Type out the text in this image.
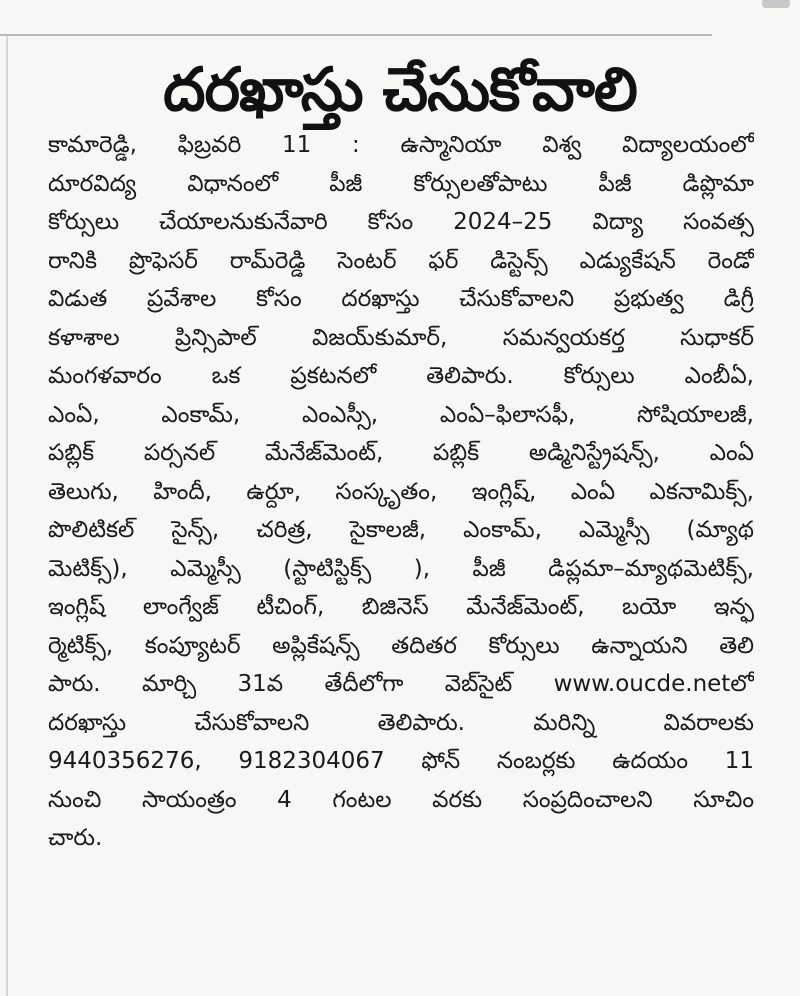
దరఖాస్తు చేసుకోవాలి
కామారెడ్డి, ఫిబ్రవరి 11 : ఉస్మానియా విశ్వ విద్యాలయంలో
దూరవిద్య విధానంలో పీజీ కోర్సులతోపాటు పీజీ డిప్లొమా
కోర్సులు చేయాలనుకునేవారి కోసం 2024–25 విద్యా సంవత్స
రానికి ప్రొఫెసర్ రామ్‌రెడ్డి సెంటర్ ఫర్ డిస్టెన్స్ ఎడ్యుకేషన్ రెండో
విడుత ప్రవేశాల కోసం దరఖాస్తు చేసుకోవాలని ప్రభుత్వ డిగ్రీ
కళాశాల ప్రిన్సిపాల్ విజయ్‌కుమార్, సమన్వయకర్త సుధాకర్
మంగళవారం ఒక ప్రకటనలో తెలిపారు. కోర్సులు ఎంబీఏ,
ఎంఏ, ఎంకామ్, ఎంఎస్సీ, ఎంఏ–ఫిలాసఫీ, సోషియాలజీ,
పబ్లిక్ పర్సనల్ మేనేజ్‌మెంట్, పబ్లిక్ అడ్మినిస్ట్రేషన్స్, ఎంఏ
తెలుగు, హిందీ, ఉర్దూ, సంస్కృతం, ఇంగ్లిష్, ఎంఏ ఎకనామిక్స్,
పొలిటికల్ సైన్స్, చరిత్ర, సైకాలజీ, ఎంకామ్, ఎమ్మెస్సీ (మ్యాథ
మెటిక్స్), ఎమ్మెస్సీ (స్టాటిస్టిక్స్ ), పీజీ డిప్లమా–మ్యాథమెటిక్స్,
ఇంగ్లిష్ లాంగ్వేజ్ టీచింగ్, బిజినెస్ మేనేజ్‌మెంట్, బయో ఇన్ఫ
ర్మెటిక్స్, కంప్యూటర్ అప్లికేషన్స్ తదితర కోర్సులు ఉన్నాయని తెలి
పారు. మార్చి 31వ తేదీలోగా వెబ్‌సైట్ www.oucde.netలో
దరఖాస్తు చేసుకోవాలని తెలిపారు. మరిన్ని వివరాలకు
9440356276, 9182304067 ఫోన్ నంబర్లకు ఉదయం 11
నుంచి సాయంత్రం 4 గంటల వరకు సంప్రదించాలని సూచిం
చారు.
